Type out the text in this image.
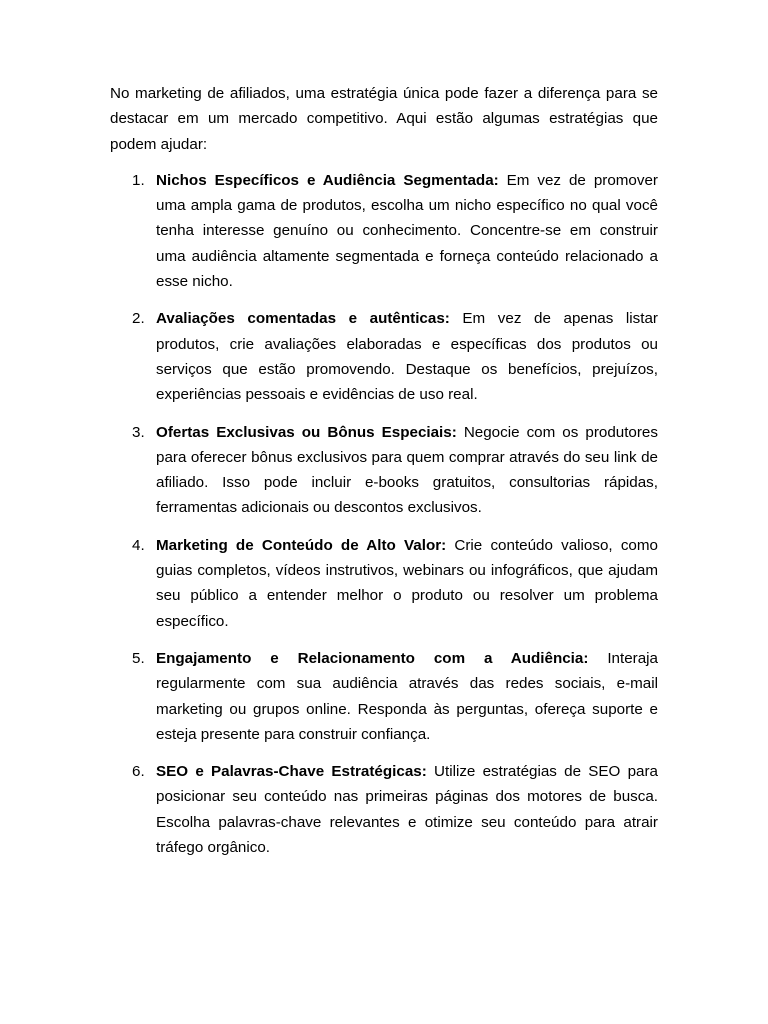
No marketing de afiliados, uma estratégia única pode fazer a diferença para se destacar em um mercado competitivo. Aqui estão algumas estratégias que podem ajudar:

1. Nichos Específicos e Audiência Segmentada: Em vez de promover uma ampla gama de produtos, escolha um nicho específico no qual você tenha interesse genuíno ou conhecimento. Concentre-se em construir uma audiência altamente segmentada e forneça conteúdo relacionado a esse nicho.
2. Avaliações comentadas e autênticas: Em vez de apenas listar produtos, crie avaliações elaboradas e específicas dos produtos ou serviços que estão promovendo. Destaque os benefícios, prejuízos, experiências pessoais e evidências de uso real.
3. Ofertas Exclusivas ou Bônus Especiais: Negocie com os produtores para oferecer bônus exclusivos para quem comprar através do seu link de afiliado. Isso pode incluir e-books gratuitos, consultorias rápidas, ferramentas adicionais ou descontos exclusivos.
4. Marketing de Conteúdo de Alto Valor: Crie conteúdo valioso, como guias completos, vídeos instrutivos, webinars ou infográficos, que ajudam seu público a entender melhor o produto ou resolver um problema específico.
5. Engajamento e Relacionamento com a Audiência: Interaja regularmente com sua audiência através das redes sociais, e-mail marketing ou grupos online. Responda às perguntas, ofereça suporte e esteja presente para construir confiança.
6. SEO e Palavras-Chave Estratégicas: Utilize estratégias de SEO para posicionar seu conteúdo nas primeiras páginas dos motores de busca. Escolha palavras-chave relevantes e otimize seu conteúdo para atrair tráfego orgânico.
